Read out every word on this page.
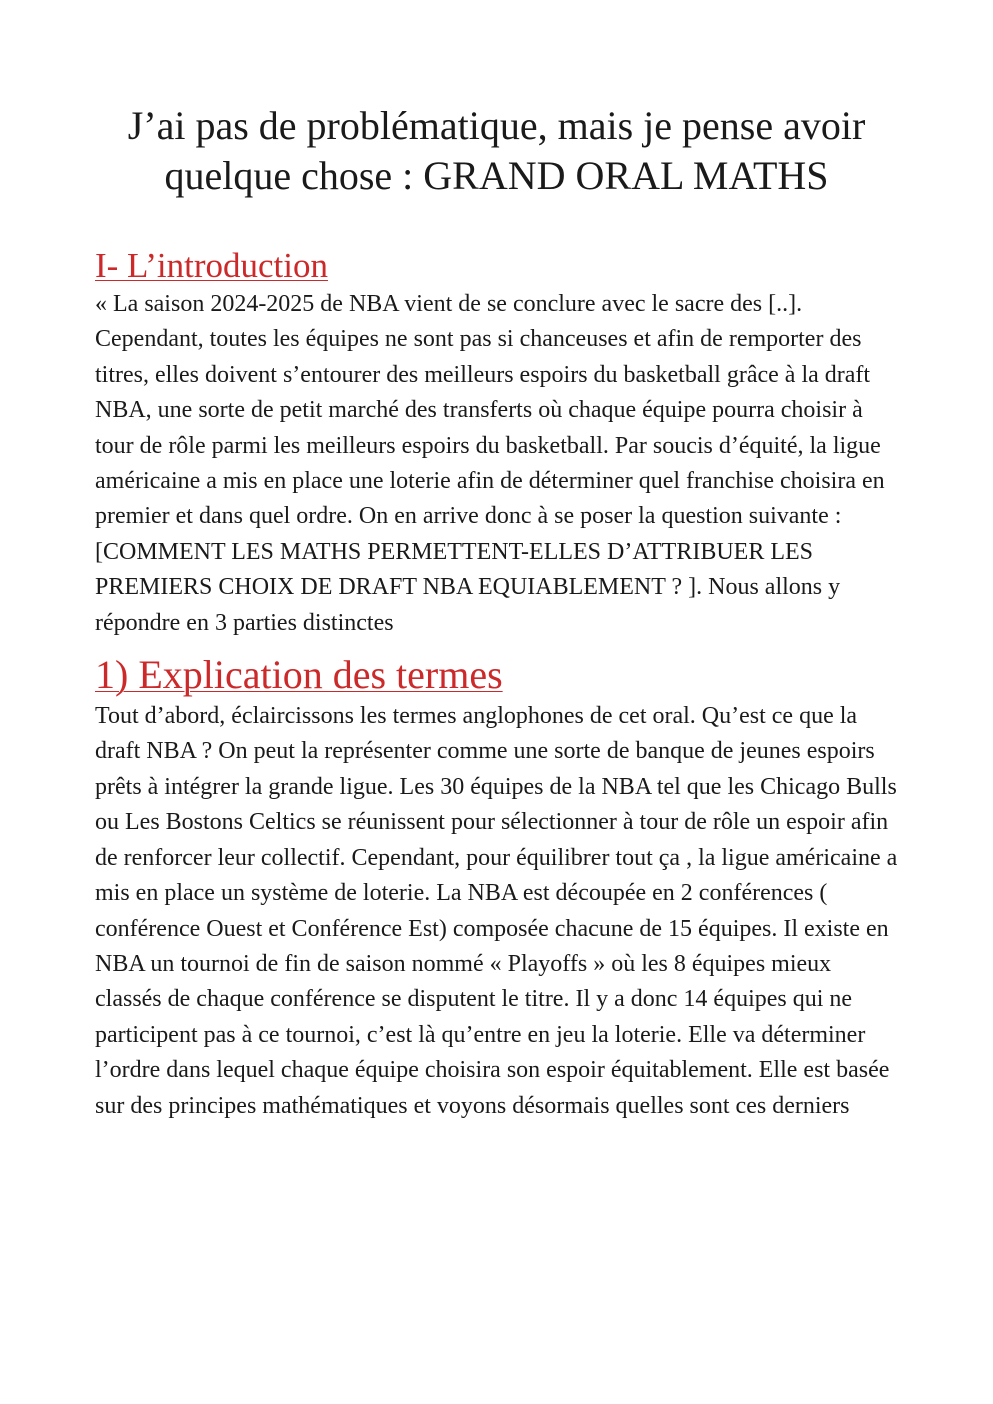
J’ai pas de problématique, mais je pense avoir quelque chose : GRAND ORAL MATHS
I- L’introduction

« La saison 2024-2025 de NBA vient de se conclure avec le sacre des [..]. Cependant, toutes les équipes ne sont pas si chanceuses et afin de remporter des titres, elles doivent s’entourer des meilleurs espoirs du basketball grâce à la draft NBA, une sorte de petit marché des transferts où chaque équipe pourra choisir à tour de rôle parmi les meilleurs espoirs du basketball. Par soucis d’équité, la ligue américaine a mis en place une loterie afin de déterminer quel franchise choisira en premier et dans quel ordre. On en arrive donc à se poser la question suivante : [COMMENT LES MATHS PERMETTENT-ELLES D’ATTRIBUER LES PREMIERS CHOIX DE DRAFT NBA EQUIABLEMENT ? ]. Nous allons y répondre en 3 parties distinctes

1) Explication des termes

Tout d’abord, éclaircissons les termes anglophones de cet oral. Qu’est ce que la draft NBA ? On peut la représenter comme une sorte de banque de jeunes espoirs prêts à intégrer la grande ligue. Les 30 équipes de la NBA tel que les Chicago Bulls ou Les Bostons Celtics se réunissent pour sélectionner à tour de rôle un espoir afin de renforcer leur collectif. Cependant, pour équilibrer tout ça , la ligue américaine a mis en place un système de loterie. La NBA est découpée en 2 conférences ( conférence Ouest et Conférence Est) composée chacune de 15 équipes. Il existe en NBA un tournoi de fin de saison nommé « Playoffs » où les 8 équipes mieux classés de chaque conférence se disputent le titre. Il y a donc 14 équipes qui ne participent pas à ce tournoi, c’est là qu’entre en jeu la loterie. Elle va déterminer l’ordre dans lequel chaque équipe choisira son espoir équitablement. Elle est basée sur des principes mathématiques et voyons désormais quelles sont ces derniers
